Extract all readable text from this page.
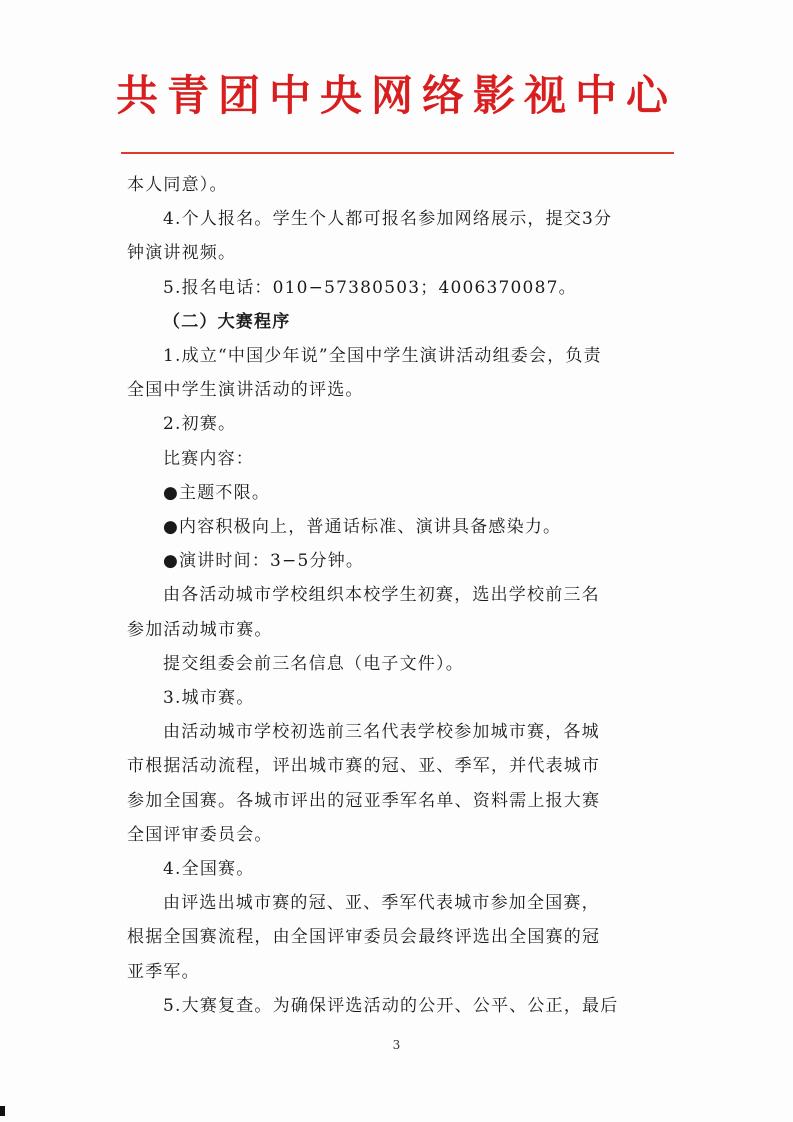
共青团中央网络影视中心

本人同意）。

4.个人报名。学生个人都可报名参加网络展示，提交3分

钟演讲视频。

5.报名电话：010−57380503；4006370087。

（二）大赛程序

1.成立“中国少年说”全国中学生演讲活动组委会，负责

全国中学生演讲活动的评选。

2.初赛。

比赛内容：

●主题不限。

●内容积极向上，普通话标准、演讲具备感染力。

●演讲时间：3−5分钟。

由各活动城市学校组织本校学生初赛，选出学校前三名

参加活动城市赛。

提交组委会前三名信息（电子文件）。

3.城市赛。

由活动城市学校初选前三名代表学校参加城市赛，各城

市根据活动流程，评出城市赛的冠、亚、季军，并代表城市

参加全国赛。各城市评出的冠亚季军名单、资料需上报大赛

全国评审委员会。

4.全国赛。

由评选出城市赛的冠、亚、季军代表城市参加全国赛，

根据全国赛流程，由全国评审委员会最终评选出全国赛的冠

亚季军。

5.大赛复查。为确保评选活动的公开、公平、公正，最后

3
